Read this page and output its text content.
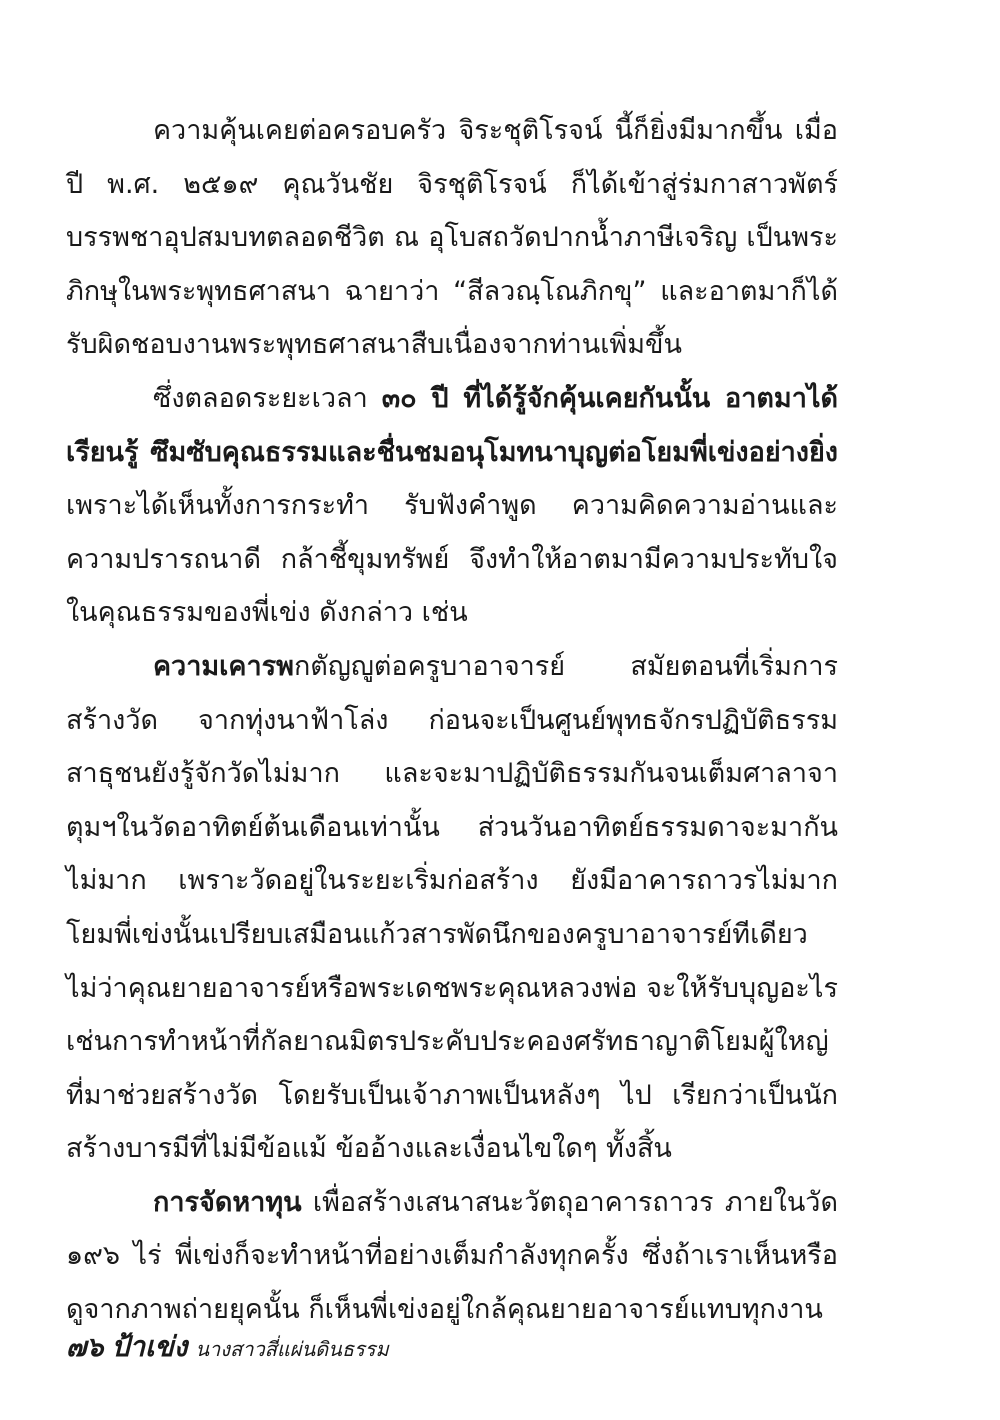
ความคุ้นเคยต่อครอบครัว จิระชุติโรจน์ นี้ก็ยิ่งมีมากขึ้น เมื่อปี พ.ศ. ๒๕๑๙ คุณวันชัย จิรชุติโรจน์ ก็ได้เข้าสู่ร่มกาสาวพัตร์บรรพชาอุปสมบทตลอดชีวิต ณ อุโบสถวัดปากน้ำภาษีเจริญ เป็นพระภิกษุในพระพุทธศาสนา ฉายาว่า “สีลวณฺโณภิกขุ” และอาตมาก็ได้รับผิดชอบงานพระพุทธศาสนาสืบเนื่องจากท่านเพิ่มขึ้น

ซึ่งตลอดระยะเวลา ๓๐ ปี ที่ได้รู้จักคุ้นเคยกันนั้น อาตมาได้เรียนรู้ ซึมซับคุณธรรมและชื่นชมอนุโมทนาบุญต่อโยมพี่เข่งอย่างยิ่ง เพราะได้เห็นทั้งการกระทำ รับฟังคำพูด ความคิดความอ่านและความปรารถนาดี กล้าชี้ขุมทรัพย์ จึงทำให้อาตมามีความประทับใจในคุณธรรมของพี่เข่ง ดังกล่าว เช่น

ความเคารพกตัญญูต่อครูบาอาจารย์ สมัยตอนที่เริ่มการสร้างวัด จากทุ่งนาฟ้าโล่ง ก่อนจะเป็นศูนย์พุทธจักรปฏิบัติธรรม สาธุชนยังรู้จักวัดไม่มาก และจะมาปฏิบัติธรรมกันจนเต็มศาลาจาตุมฯในวัดอาทิตย์ต้นเดือนเท่านั้น ส่วนวันอาทิตย์ธรรมดาจะมากันไม่มาก เพราะวัดอยู่ในระยะเริ่มก่อสร้าง ยังมีอาคารถาวรไม่มาก โยมพี่เข่งนั้นเปรียบเสมือนแก้วสารพัดนึกของครูบาอาจารย์ทีเดียว ไม่ว่าคุณยายอาจารย์หรือพระเดชพระคุณหลวงพ่อ จะให้รับบุญอะไร เช่นการทำหน้าที่กัลยาณมิตรประคับประคองศรัทธาญาติโยมผู้ใหญ่ที่มาช่วยสร้างวัด โดยรับเป็นเจ้าภาพเป็นหลังๆ ไป เรียกว่าเป็นนักสร้างบารมีที่ไม่มีข้อแม้ ข้ออ้างและเงื่อนไขใดๆ ทั้งสิ้น

การจัดหาทุน เพื่อสร้างเสนาสนะวัตถุอาคารถาวร ภายในวัด ๑๙๖ ไร่ พี่เข่งก็จะทำหน้าที่อย่างเต็มกำลังทุกครั้ง ซึ่งถ้าเราเห็นหรือดูจากภาพถ่ายยุคนั้น ก็เห็นพี่เข่งอยู่ใกล้คุณยายอาจารย์แทบทุกงาน

๗๖ ป้าเข่ง นางสาวสี่แผ่นดินธรรม
